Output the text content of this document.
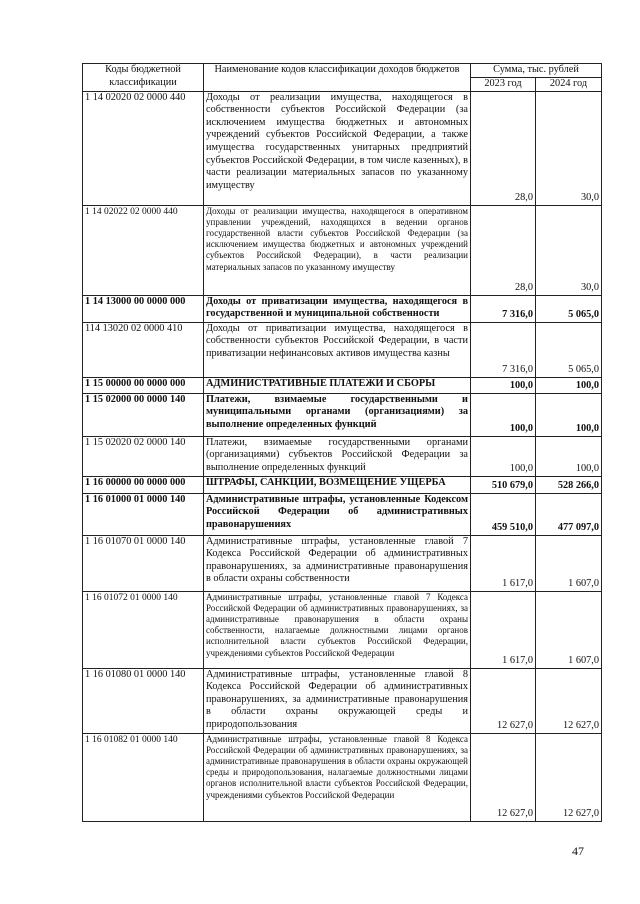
Коды бюджетной классификации	Наименование кодов классификации доходов бюджетов	Сумма, тыс. рублей	
		2023 год	2024 год
1 14 02020 02 0000 440	Доходы от реализации имущества, находящегося в собственности субъектов Российской Федерации (за исключением имущества бюджетных и автономных учреждений субъектов Российской Федерации, а также имущества государственных унитарных предприятий субъектов Российской Федерации, в том числе казенных), в части реализации материальных запасов по указанному имуществу	28,0	30,0
1 14 02022 02 0000 440	Доходы от реализации имущества, находящегося в оперативном управлении учреждений, находящихся в ведении органов государственной власти субъектов Российской Федерации (за исключением имущества бюджетных и автономных учреждений субъектов Российской Федерации), в части реализации материальных запасов по указанному имуществу	28,0	30,0
1 14 13000 00 0000 000	Доходы от приватизации имущества, находящегося в государственной и муниципальной собственности	7 316,0	5 065,0
114 13020 02 0000 410	Доходы от приватизации имущества, находящегося в собственности субъектов Российской Федерации, в части приватизации нефинансовых активов имущества казны	7 316,0	5 065,0
1 15 00000 00 0000 000	АДМИНИСТРАТИВНЫЕ ПЛАТЕЖИ И СБОРЫ	100,0	100,0
1 15 02000 00 0000 140	Платежи, взимаемые государственными и муниципальными органами (организациями) за выполнение определенных функций	100,0	100,0
1 15 02020 02 0000 140	Платежи, взимаемые государственными органами (организациями) субъектов Российской Федерации за выполнение определенных функций	100,0	100,0
1 16 00000 00 0000 000	ШТРАФЫ, САНКЦИИ, ВОЗМЕЩЕНИЕ УЩЕРБА	510 679,0	528 266,0
1 16 01000 01 0000 140	Административные штрафы, установленные Кодексом Российской Федерации об административных правонарушениях	459 510,0	477 097,0
1 16 01070 01 0000 140	Административные штрафы, установленные главой 7 Кодекса Российской Федерации об административных правонарушениях, за административные правонарушения в области охраны собственности	1 617,0	1 607,0
1 16 01072 01 0000 140	Административные штрафы, установленные главой 7 Кодекса Российской Федерации об административных правонарушениях, за административные правонарушения в области охраны собственности, налагаемые должностными лицами органов исполнительной власти субъектов Российской Федерации, учреждениями субъектов Российской Федерации	1 617,0	1 607,0
1 16 01080 01 0000 140	Административные штрафы, установленные главой 8 Кодекса Российской Федерации об административных правонарушениях, за административные правонарушения в области охраны окружающей среды и природопользования	12 627,0	12 627,0
1 16 01082 01 0000 140	Административные штрафы, установленные главой 8 Кодекса Российской Федерации об административных правонарушениях, за административные правонарушения в области охраны окружающей среды и природопользования, налагаемые должностными лицами органов исполнительной власти субъектов Российской Федерации, учреждениями субъектов Российской Федерации	12 627,0	12 627,0
47
